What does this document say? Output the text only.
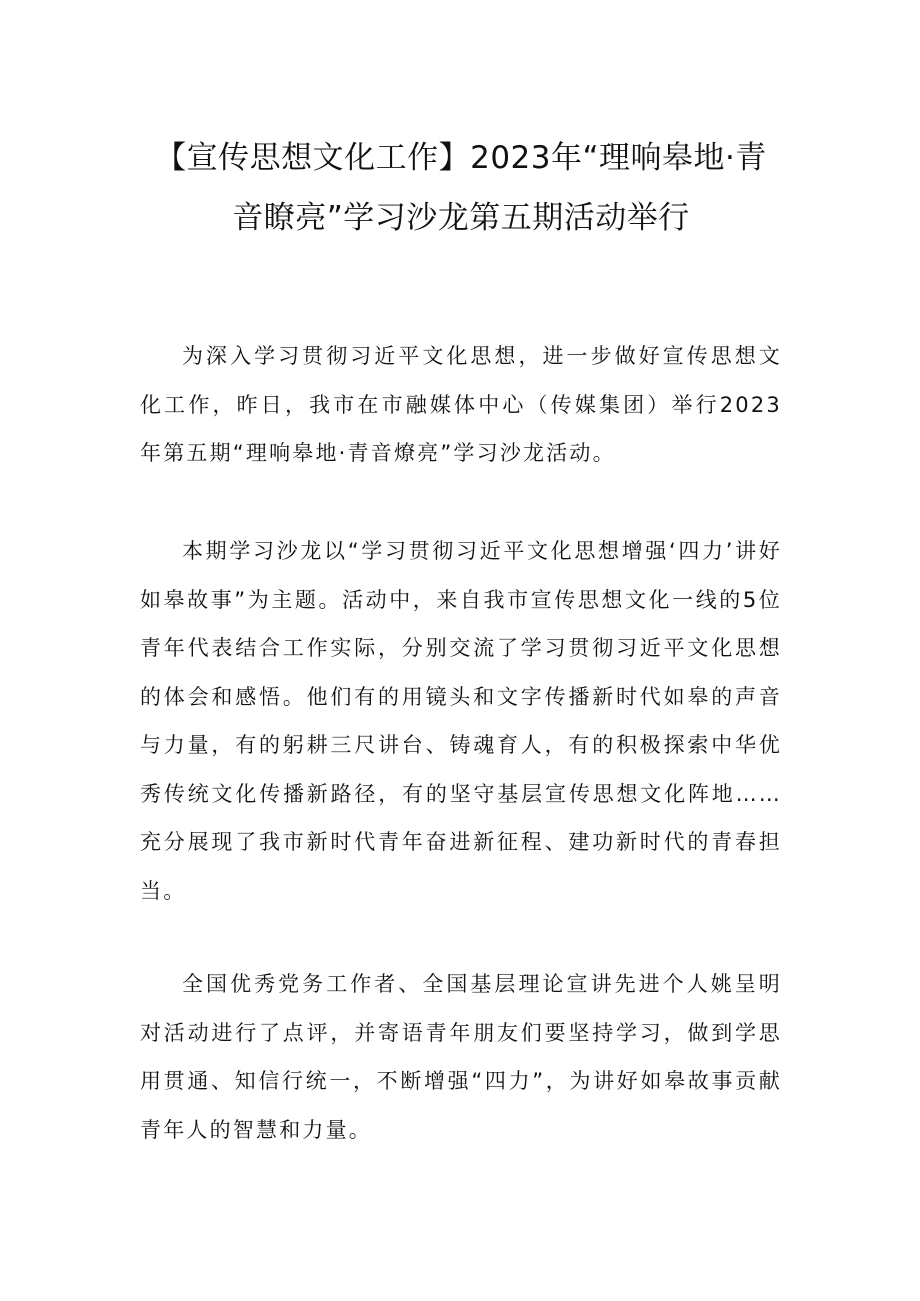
【宣传思想文化工作】2023年“理响皋地·青
音瞭亮”学习沙龙第五期活动举行

为深入学习贯彻习近平文化思想，进一步做好宣传思想文化工作，昨日，我市在市融媒体中心（传媒集团）举行2023年第五期“理响皋地·青音燎亮”学习沙龙活动。

本期学习沙龙以“学习贯彻习近平文化思想增强‘四力’讲好如皋故事”为主题。活动中，来自我市宣传思想文化一线的5位青年代表结合工作实际，分别交流了学习贯彻习近平文化思想的体会和感悟。他们有的用镜头和文字传播新时代如皋的声音与力量，有的躬耕三尺讲台、铸魂育人，有的积极探索中华优秀传统文化传播新路径，有的坚守基层宣传思想文化阵地……充分展现了我市新时代青年奋进新征程、建功新时代的青春担当。

全国优秀党务工作者、全国基层理论宣讲先进个人姚呈明对活动进行了点评，并寄语青年朋友们要坚持学习，做到学思用贯通、知信行统一，不断增强“四力”，为讲好如皋故事贡献青年人的智慧和力量。
